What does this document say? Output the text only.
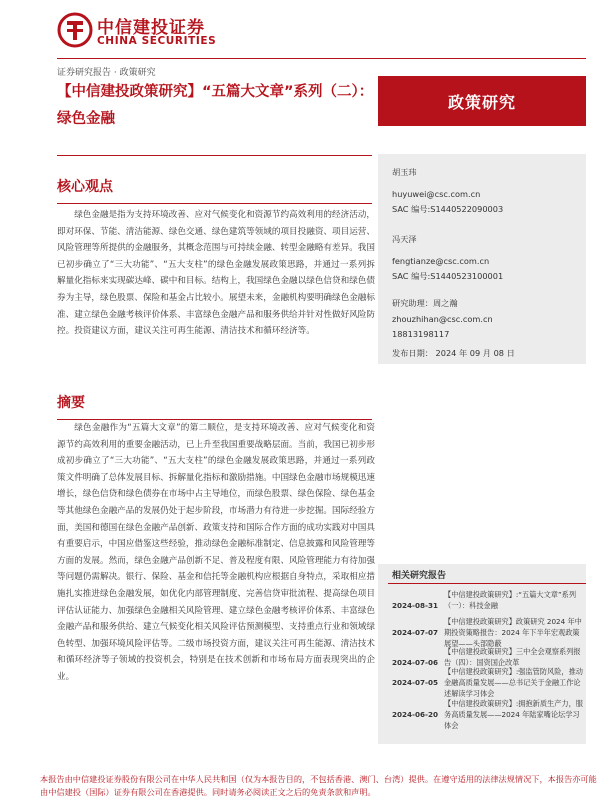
中信建投证券
CHINA SECURITIES
证券研究报告 · 政策研究
【中信建投政策研究】“五篇大文章”系列（二）：绿色金融
政策研究
核心观点

绿色金融是指为支持环境改善、应对气候变化和资源节约高效利用的经济活动，即对环保、节能、清洁能源、绿色交通、绿色建筑等领域的项目投融资、项目运营、风险管理等所提供的金融服务，其概念范围与可持续金融、转型金融略有差异。我国已初步确立了“三大功能”、“五大支柱”的绿色金融发展政策思路，并通过一系列拆解量化指标来实现碳达峰、碳中和目标。结构上，我国绿色金融以绿色信贷和绿色债券为主导，绿色股票、保险和基金占比较小。展望未来，金融机构要明确绿色金融标准、建立绿色金融考核评价体系、丰富绿色金融产品和服务供给并针对性做好风险防控。投资建议方面，建议关注可再生能源、清洁技术和循环经济等。

摘要

绿色金融作为“五篇大文章”的第二顺位，是支持环境改善、应对气候变化和资源节约高效利用的重要金融活动，已上升至我国重要战略层面。当前，我国已初步形成初步确立了“三大功能”、“五大支柱”的绿色金融发展政策思路，并通过一系列政策文件明确了总体发展目标、拆解量化指标和激励措施。中国绿色金融市场规模迅速增长，绿色信贷和绿色债券在市场中占主导地位，而绿色股票、绿色保险、绿色基金等其他绿色金融产品的发展仍处于起步阶段，市场潜力有待进一步挖掘。国际经验方面，美国和德国在绿色金融产品创新、政策支持和国际合作方面的成功实践对中国具有重要启示，中国应借鉴这些经验，推动绿色金融标准制定、信息披露和风险管理等方面的发展。然而，绿色金融产品创新不足、普及程度有限、风险管理能力有待加强等问题仍需解决。银行、保险、基金和信托等金融机构应根据自身特点，采取相应措施扎实推进绿色金融发展，如优化内部管理制度、完善信贷审批流程、提高绿色项目评估认证能力、加强绿色金融相关风险管理、建立绿色金融考核评价体系、丰富绿色金融产品和服务供给、建立气候变化相关风险评估预测模型、支持重点行业和领域绿色转型、加强环境风险评估等。二级市场投资方面，建议关注可再生能源、清洁技术和循环经济等子领域的投资机会，特别是在技术创新和市场布局方面表现突出的企业。

胡玉玮
huyuwei@csc.com.cn
SAC 编号:S1440522090003
冯天泽
fengtianze@csc.com.cn
SAC 编号:S1440523100001
研究助理：周之瀚
zhouzhihan@csc.com.cn
18813198117
发布日期： 2024 年 09 月 08 日
相关研究报告
2024-08-31
【中信建投政策研究】:“五篇大文章”系列（一）：科技金融
2024-07-07
【中信建投政策研究】政策研究 2024 年中期投资策略报告：2024 年下半年宏观政策展望——头部隐蔽
2024-07-06
【中信建投政策研究】三中全会观察系列报告（四）：国资国企改革
2024-07-05
【中信建投政策研究】:强监管防风险，推动金融高质量发展——总书记关于金融工作论述解读学习体会
2024-06-20
【中信建投政策研究】:拥抱新质生产力，服务高质量发展——2024 年陆家嘴论坛学习体会
本报告由中信建投证券股份有限公司在中华人民共和国（仅为本报告目的，不包括香港、澳门、台湾）提供。在遵守适用的法律法规情况下，本报告亦可能由中信建投（国际）证券有限公司在香港提供。同时请务必阅读正文之后的免责条款和声明。
